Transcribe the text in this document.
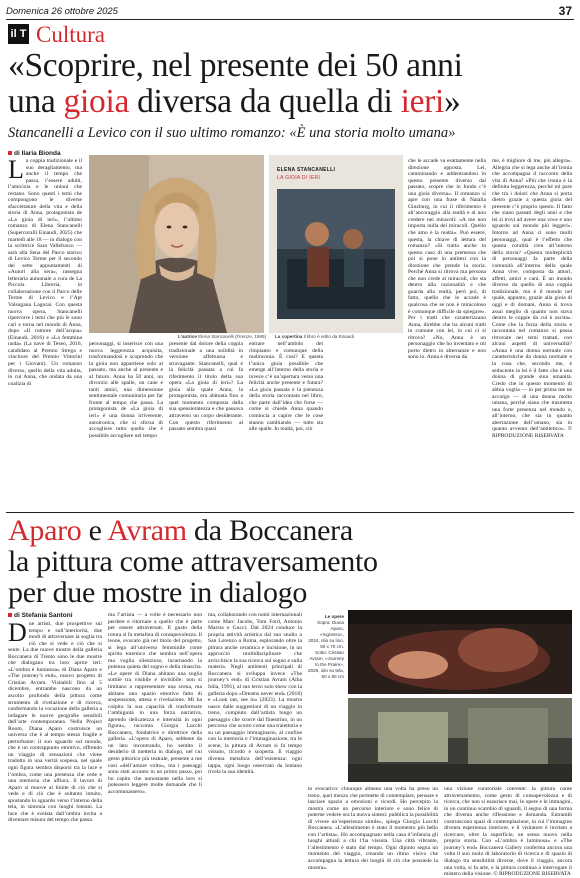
Domenica 26 ottobre 2025	37
il T Cultura
«Scoprire, nel presente dei 50 anni
una gioia diversa da quella di ieri»
Stancanelli a Levico con il suo ultimo romanzo: «È una storia molto umana»
di Ilaria Bionda
La coppia tradizionale e il suo deragliamento, ma anche il tempo che passa, l’essere adulti, l’amicizia e le unioni che restano. Sono questi i temi che compongono le diverse sfaccettature della vita e della storia di Anna, protagonista de «La gioia di ieri», l’ultimo romanzo di Elena Stancanelli (Supercoralli Einaudi, 2025) che martedì alle 18 — in dialogo con la scrittrice Sara Vallefuoco — sarà alla Sena del Parco storico di Levico Terme per il secondo dei sette appuntamenti di «Autori alla sera», rassegna letteraria autunnale a cura de La Piccola Libreria, in collaborazione con il Parco delle Terme di Levico e l’Apt Valsugana Lagorai. Con questa nuova opera, Stancanelli ripercorre i temi che più le sono cari e torna nel mondo di Anna, dopo «Il rumore dell’acqua» (Einaudi, 2016) e «La femmina nuda» (La nave di Teseo, 2016, candidato al Premio Strega e vincitore del Premio Vittorini per i Giovani). Un romanzo diverso, quello della vita adulta, in cui Anna, che ondata da una coalizia di
L’autrice Elena Stancanelli (Firenze, 1965)
ELENA STANCANELLI
LA GIOIA DI IERI
La copertina Il libro è edito da Einaudi
personaggi, si inserisce con una nuova leggerezza acquisita, trasformandosi e scoprendo che la gioia non appartiene solo al passato, ma anche al presente e al futuro. Anna ha 50 anni, un divorzio alle spalle, un cane e tanti amici, una dimensione sentimentale comunitaria per far fronte al tempo che passa. La protagonista de «La gioia di ieri» è una donna irriverente, autoironica, che si sforza di accogliere tutto quello che è possibile accogliere nel tempo
presente dal dolore della coppia tradizionale a una solidità in versione affettuosa e stravagante. Stancanelli, qual è la felicità passata a cui fa riferimento il titolo della sua opera «La gioia di ieri»? La gioia alla quale Anna, la protagonista, era abituata fino a quel momento composta dalla sua spensieratezza e che passava attraverso un corpo desiderante. Con questo riferimento al passato sembra quasi
entrare nell’ambito del rimpianto e comunque della malinconia. È così? E questa l’unica gioia possibile che emerge all’interno della storia e invece c’è un’apertura verso una felicità anche presente e futura? «La gioia passata è la pienezza della storia raccontata nel libro, che parte dall’idea che forse — come si chiede Anna quando comincia a capire che le cose stanno cambiando — tutto sta alle spalle. In realtà, poi, ciò
che le accade va esattamente nella direzione opposta. Lei, camminando e addentrandosi in questo presente diverso dal passato, scopre che in fondo c’è una gioia diversa». Il romanzo si apre con una frase di Natalia Ginzburg, in cui il riferimento è all’ancoraggio alla realtà e al non credere nei miracoli: «A me non importa nulla dei miracoli. Quello che amo è la realtà». Può essere, questa, la chiave di lettura del romanzo? «Si tratta anche in questo caso di una premessa che poi si pone in antitesi con la direzione che prende la storia. Perché Anna si ritrova ma persona che non crede ai miracoli, che sta dentro alla razionalità e che guarda alla realtà, però poi, di fatto, quello che le accade è qualcosa che se non è miracoloso è comunque difficile da spiegare». Per i tratti che caratterizzano Anna, direbbe che ha alcuni tratti in comune con lei, in cui ci si ritrova? «No, Anna è un personaggio che ho inventato e mi porto dietro in alternanze e non sono io. Anna è diversa da
me, è migliore di me, più allegra». Allegria che si lega anche all’ironia che accompagna il racconto della vita di Anna? «Più che ironia è la definita leggerezza, perché mi pare che tra i dolori che Anna si porta dietro grazie a questa gioia del presente c’è proprio questo. Il fatto che siano passati degli anni e che lei si trovi ad avere una voce e uno sguardo sul mondo più leggeri». Intorno ad Anna ci sono molti personaggi, qual è l’effetto che questa coralità crea all’interno della storia? «Questa molteplicità di personaggi fa parte della comunità all’interno della quale Anna vive, composta da amori, affetti, amici e cani. È un mondo diverso da quello di una coppia tradizionale, ma è il mondo nel quale, appunto, grazie alla gioia di oggi e di domani, Anna si trova assai meglio di quanto non stava dentro le coppie da cui è uscita». Come che la forza della storia e raccontata nel romanzo si possa ritrovare nei temi trattati, con alcuni aspetti di universalità? «Anna è una donna normale con caratteristiche da donna normale e la cosa che, secondo me, è seducente in lei è il fatto che è una donna di grande sina umanità. Credo che in questo momento di abbia voglia — io per prima me ne accorgo — di una donna molto umana, perché siano che trasmetta una forte presenza nel mondo e, all’interno, che sia in quanto aberrazione dell’umano, sia in quanto avvento dell’antitetico». © RIPRODUZIONE RISERVATA
Aparo e Avram da Boccanera
la pittura come attraversamento
per due mostre in dialogo
di Stefania Santoni
Due artisti, due prospettive sul tempo e sull’interiorità, due modi di attraversare la soglia tra ciò che si vede e ciò che si sente. La due nuove mostre della galleria Boccanera di Trento sono le due mostre che dialogano tra loro aprire ieri: «L’ombra è luminosa» di Diana Aparo e «The journey’s end», nuovo progetto di Cristian Avram. Visitabili fino al 5 dicembre, entrambe nascono da un ascolto profondo della pittura come strumento di rivelazione e di ricerca, confermando la vocazione della galleria a indagare le nuove geografie sensibili dell’arte contemporanea. Nella Project Room, Diana Aparo costruisce un universo che è al tempo stesso fragile e perturbante: il suo sguardo sul mondo, che è un contrappunto emotivo, offrendo un viaggio di sensazioni che viene tradotto in una verità sospesa, nel quale ogni figura sembra disporsi tra la luce e l’ombra, come una presenza che cede e una memoria che affiora. Il lavoro di Aparo si muove al limite di ciò che si vede e di ciò che è soltanto intuito, spostando lo sguardo verso l’interno della tela, in sintonia con luoghi lontani. La luce che è svelata dall’ombra invita a diventare misura del tempo che passa.
ma l’artista — a volte è necessario non perdere e ritornare a quello che è parte per essere attraversati. Il gusto della rotura si fa metafora di consapevolezza. Il leone, evocato già nel titolo del progetto, si lega all’universo femminile come spirito totemico che sembra nell’opera ma voglia silenzioso, incarnando la potenza quieta del sogno e della rinascita. «Le opere di Diana abitano una soglia sottile tra visibile e invisibile: non si limitano a rappresentare una scena, ma abitano uno spazio emotivo fatto di sospensione, attesa e rivelazione. Mi ha colpito la sua capacità di trasformare l’ambiguità in una forza narrativa, aprendo delicatezza e intensità in ogni figura», racconta Giorgia Lucchi Boccanera, fondatrice e direttrice della galleria. «L’opera di Aparo, sebbene da un lato incontrando, ho sentito il desiderio di metterla in dialogo, nel cui gesto pittorico più teatrale, presente a me così «dell’amore volto», ma i paesaggi sono stati accanto in un primo passo, poi ho capito che nonostante nella loro si potessero leggere molte domande che li accomunassero».
ma, collaborando con nomi internazionali come Marc Jacobs, Tom Ford, Antonio Marras e Gucci. Dal 2024 conduce la propria attività artistica dal suo studio a San Lorenzo a Roma, esplorando oltre la pittura anche ceramica e incisione, in un approccio multidisciplinare che arricchisce la sua ricerca sul sogno e sulla materia. Negli ambienti principali di Boccanera si sviluppa invece «The journey’s end» di Cristian Avram (Alba Iulia, 1991), al suo terzo solo show con la galleria dopo «Dreams never end» (2018) e «Look out, see in» (2023). La mostra nasce dalle suggestioni di un viaggio in treno, compiuto dall’artista lungo un paesaggio che scorre dal finestrino, in un percorso che scorre come una traiettoria e su un paesaggio immaginario, al confine con la memoria e l’immaginazione, tra le scene, la pittura di Avram si fa tempo vissuto, ricordo e scoperta. Il viaggio diventa metafora dell’esistenza: ogni tappa, ogni luogo osservato da lontano rivela la sua identità.
Le opere
Sopra: Diana Aparo, «Ingresso», 2024, olio su lino, 50 x 70 cm. Sotto: Cristian Avram, «Journey to the Praire», 2025, olio su tela, 50 x 80 cm
to evocativo: chiunque almeno una volta ha preso un treno, quel mezzo che permette di contemplare, pensare e lasciare spazio a emozioni e ricordi. Ho percepito la mostra come un percorso interiore e sono felice di poterne vedere ora la nuova sintesi: pubblica la possibilità di vivere un’esperienza simile», spiega Giorgia Lucchi Boccanera. «L’allestimento è stato il momento più bello con l’artista». Ho accompagnato nella casa d’infanzia gli luoghi attuali a chi l’ha vissuta. Una città vibrante, l’allestimento è stato dal tempo. Ogni dipinto segna un momento del viaggio, creando un ritmo visivo che accompagna la lettura dei luoghi di ciò che possiede la mostra».
una visione curatoriale coerente: la pittura come attraversamento, come gesto di consapevolezza e di ricerca, che non si esaurisce mai, le opere e le immagini, in un continuo scambio di sguardi, il segno di una forma che diventa anche riflessione e domanda. Entrambi costruiscono spazi di contemplazione, in cui l’immagine diventa esperienza interiore, e il visitatore è invitato a ricercare, oltre la superficie, un senso nuovo nella propria storia. Con «L’ombra è luminosa» e «The journey’s end» Boccanera Gallery conferma ancora una volta il suo ruolo di laboratorio di ricerca e di spazio di dialogo tra sensibilità diverse, dove il viaggio, ancora una volta, si fa arte, e la pittura continua a interrogare il mistero della visione. © RIPRODUZIONE RISERVATA
